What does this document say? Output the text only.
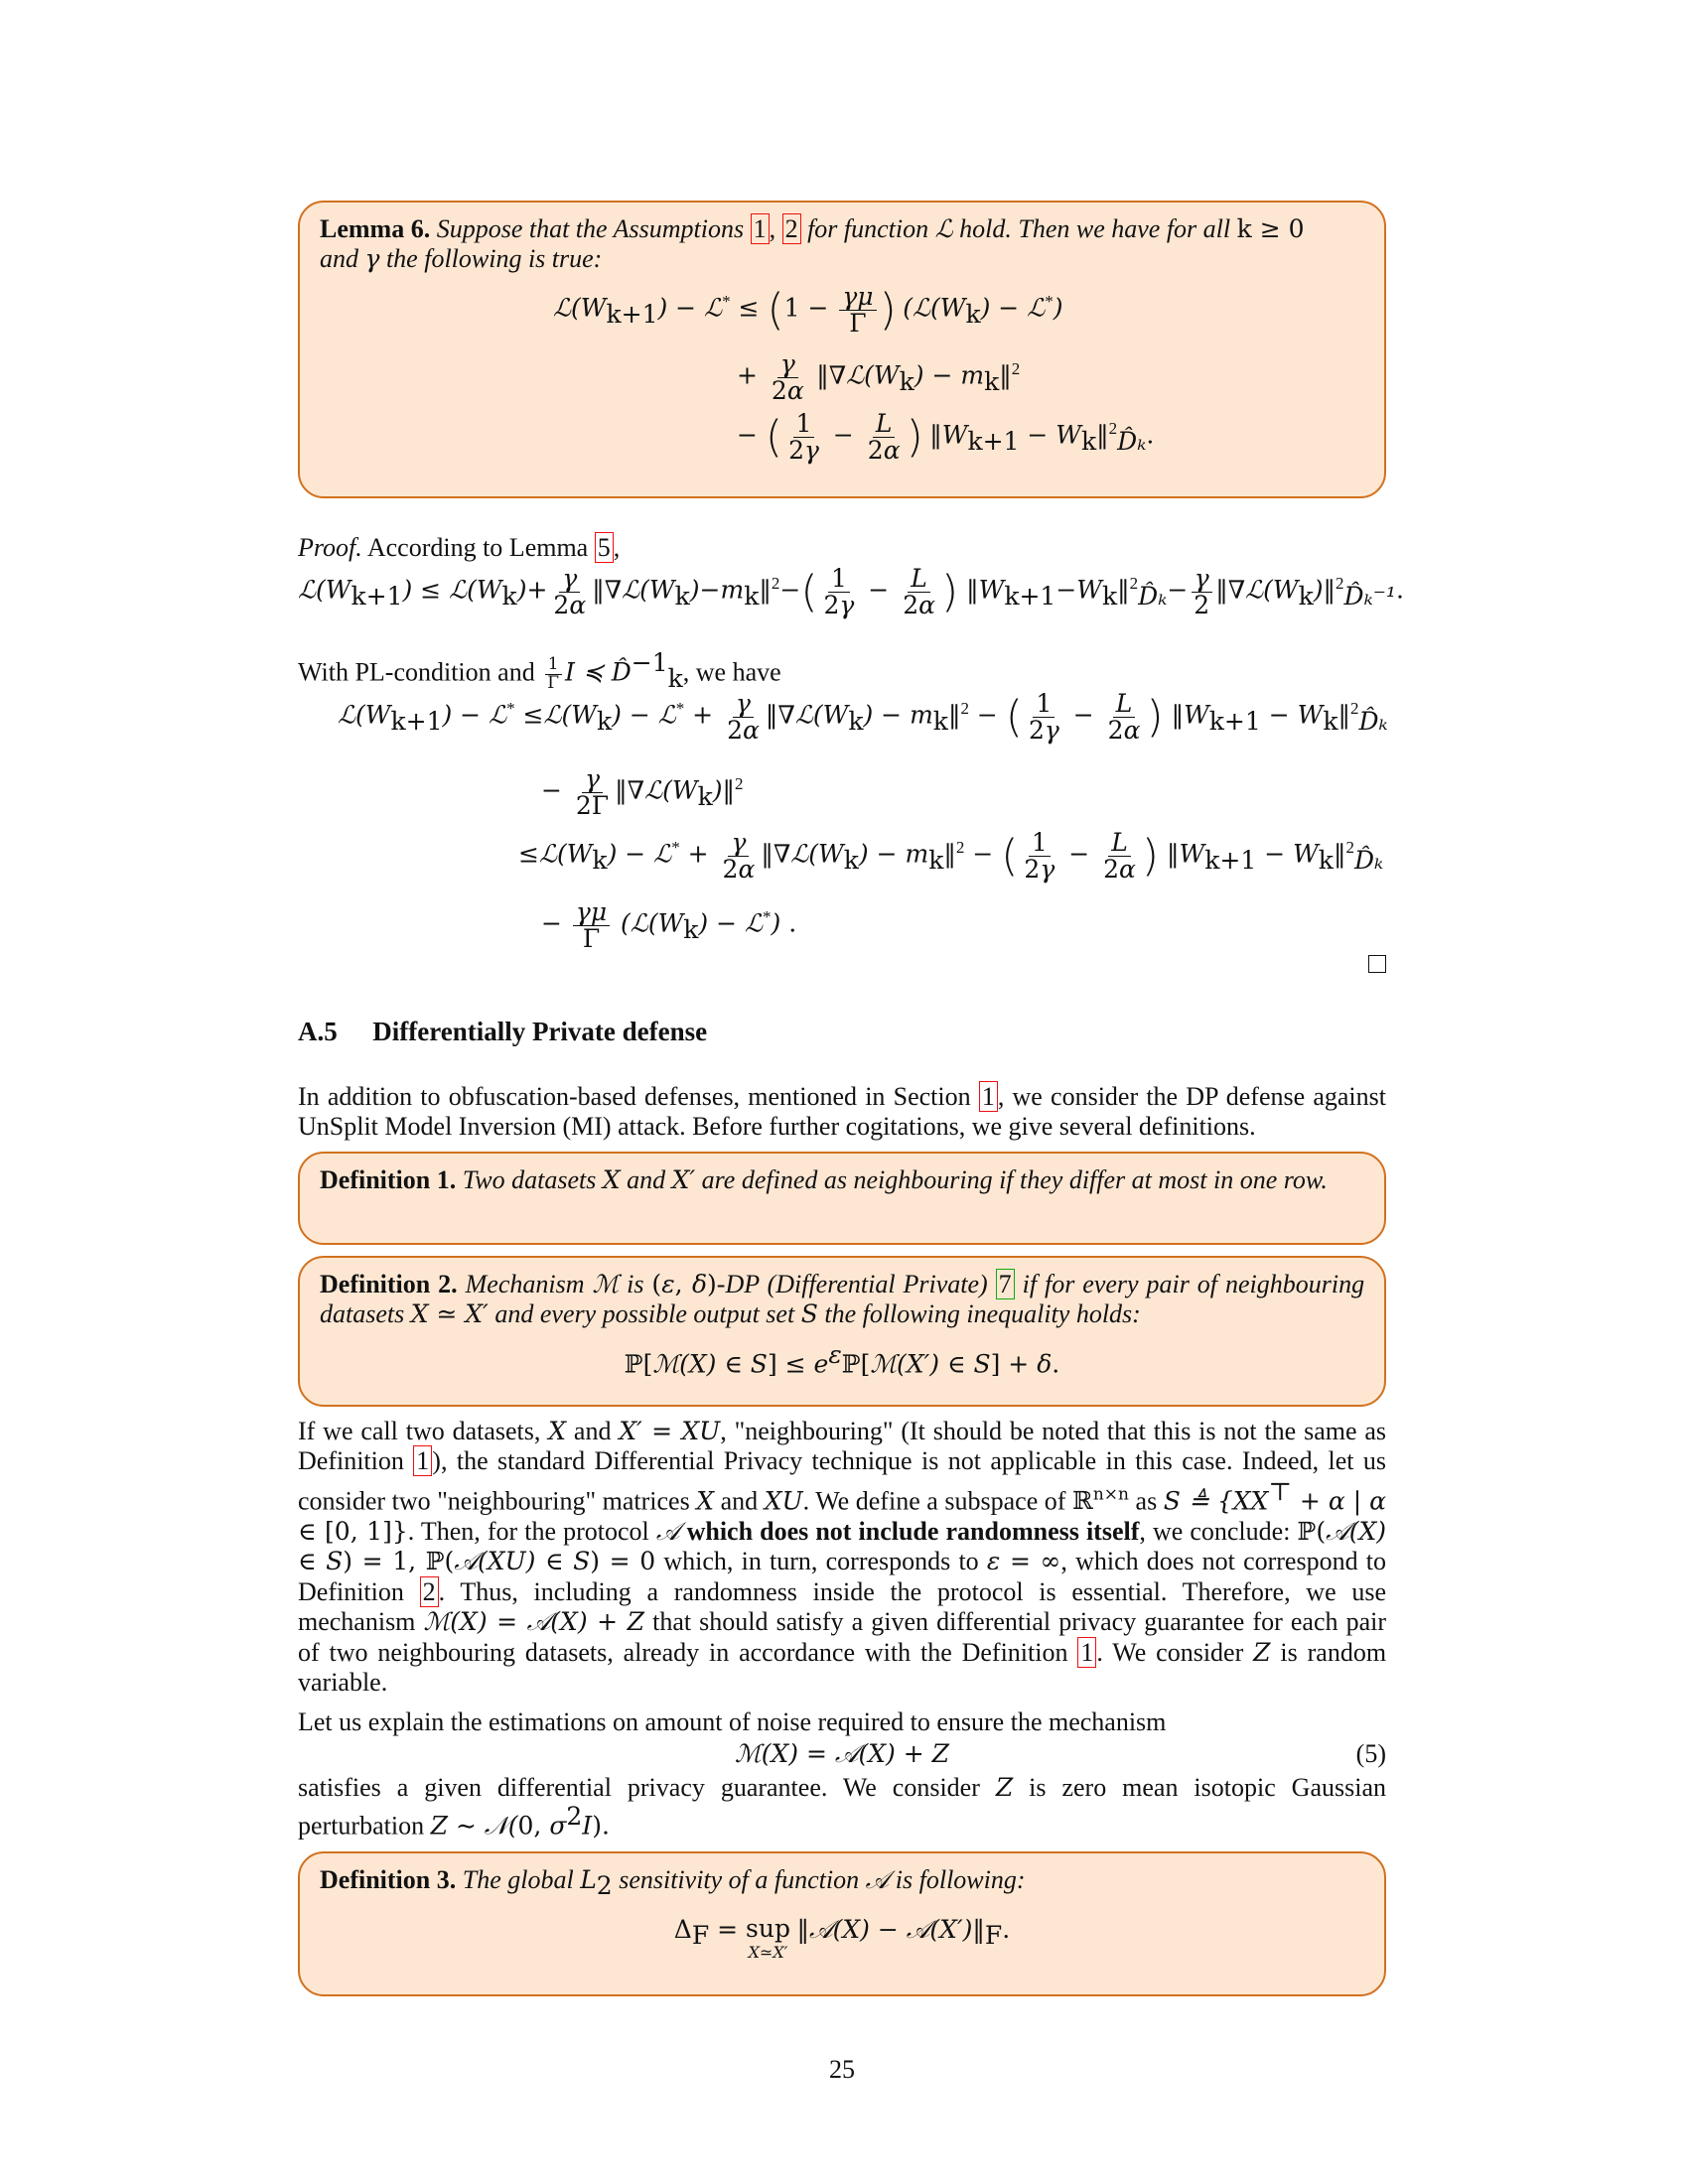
Lemma 6. Suppose that the Assumptions 1 , 2 for function ℒ hold. Then we have for all k ≥ 0
and γ the following is true:
$ℒ(W_{k+1})$ − ℒ* ≤ ($1 - \frac{\gamma\mu}{\Gamma}$ ) ($ℒ(W_k)$ − ℒ*)
+ $\frac{\gamma}{2\alpha}$ $‖\nabla ℒ(W_k)$ − $m_k‖^2$
− ( $\frac{1}{2\gamma} - \frac{L}{2\alpha}$ ) $‖W_{k+1}$ − $W_k‖^2_{D̂_k}$.
Proof. According to Lemma 5 ,
$ℒ(W_{k+1})$ ≤ $ℒ(W_k)+ \frac{\gamma}{2\alpha}$ $‖\nabla ℒ(W_k)-m_k‖^2-( \frac{1}{2\gamma} - \frac{L}{2\alpha}$ ) $‖W_{k+1}-W_k‖^2_{D̂_k}- \frac{\gamma}{2}$ $‖\nabla ℒ(W_k)‖^2_{D̂_k^{-1}}$.
With PL-condition and $\frac{1}{\Gamma}$ I ≼ D̂$^{-1}_k$, we have
$ℒ(W_{k+1})$ − ℒ* $\le ℒ(W_k)$ − ℒ* + $\frac{\gamma}{2\alpha}$ $‖\nabla ℒ(W_k)$ − $m_k‖^2$ − ( $\frac{1}{2\gamma} - \frac{L}{2\alpha}$ ) $‖W_{k+1}$ − $W_k‖^2_{D̂_k}$
− $\frac{\gamma}{2\Gamma}$ $‖\nabla ℒ(W_k)‖^2$
$\le ℒ(W_k)$ − ℒ* + $\frac{\gamma}{2\alpha}$ $‖\nabla ℒ(W_k)$ − $m_k‖^2$ − ( $\frac{1}{2\gamma} - \frac{L}{2\alpha}$ ) $‖W_{k+1}$ − $W_k‖^2_{D̂_k}$
− $\frac{\gamma\mu}{\Gamma}$ ($ℒ(W_k)$ − ℒ*) .
A.5 Differentially Private defense
In addition to obfuscation-based defenses, mentioned in Section 1 , we consider the DP defense against UnSplit Model Inversion (MI) attack. Before further cogitations, we give several definitions.
Definition 1. Two datasets X and X′ are defined as neighbouring if they differ at most in one row.
Definition 2. Mechanism ℳ is (ε, δ)-DP (Differential Private) 7 if for every pair of neighbouring datasets X ≃ X′ and every possible output set S the following inequality holds:
ℙ[ℳ(X) ∈ $S] \le e^\varepsilon ℙ[ℳ(X')$ ∈ S] + δ.
If we call two datasets, X and X′ = XU, "neighbouring" (It should be noted that this is not the same as Definition 1 ), the standard Differential Privacy technique is not applicable in this case. Indeed, let us consider two "neighbouring" matrices X and XU. We define a subspace of ℝ$^{n\times n}$ as S ≜ {XX⊤ + α | α ∈ [0, 1]}. Then, for the protocol 𝒜 which does not include randomness itself, we conclude: ℙ(𝒜(X) ∈ S) = 1, ℙ(𝒜(XU) ∈ S) = 0 which, in turn, corresponds to ε = ∞, which does not correspond to Definition 2 . Thus, including a randomness inside the protocol is essential. Therefore, we use mechanism ℳ(X) = 𝒜(X) + Z that should satisfy a given differential privacy guarantee for each pair of two neighbouring datasets, already in accordance with the Definition 1 . We consider Z is random variable.
Let us explain the estimations on amount of noise required to ensure the mechanism
ℳ(X) = 𝒜(X) + Z	(5)
satisfies a given differential privacy guarantee. We consider Z is zero mean isotopic Gaussian perturbation Z ∼ 𝒩(0, $\sigma^2I$).
Definition 3. The global $L_2$ sensitivity of a function 𝒜 is following:
$\Delta_F$ = sup
X≃X′
‖𝒜(X) − $𝒜(X')‖_F$.
25
